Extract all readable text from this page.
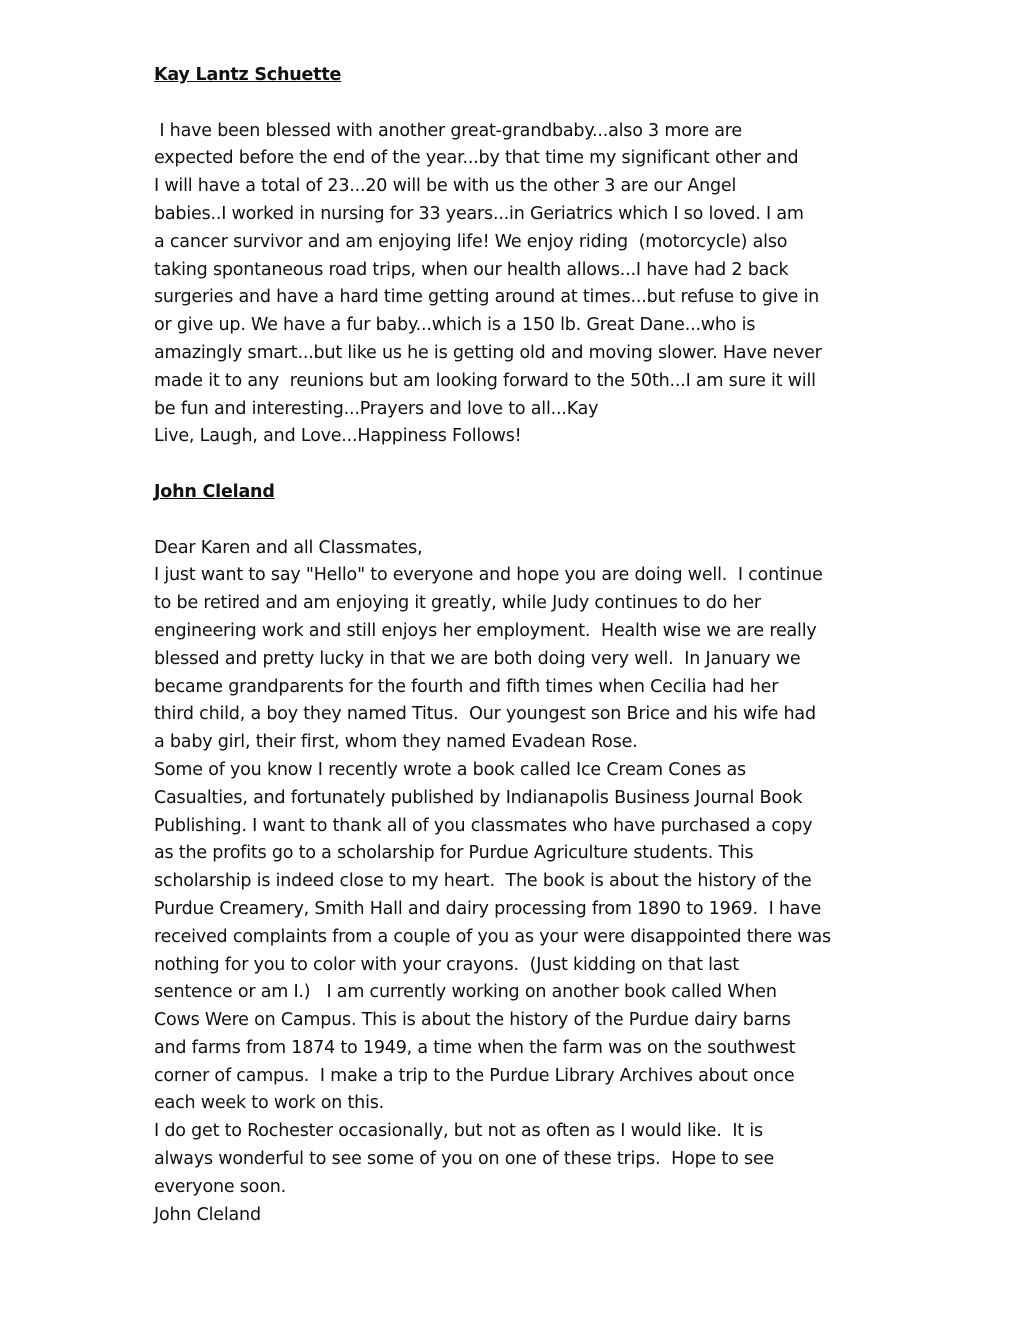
Kay Lantz Schuette

I have been blessed with another great-grandbaby...also 3 more are

expected before the end of the year...by that time my significant other and

I will have a total of 23...20 will be with us the other 3 are our Angel

babies..I worked in nursing for 33 years...in Geriatrics which I so loved. I am

a cancer survivor and am enjoying life! We enjoy riding  (motorcycle) also

taking spontaneous road trips, when our health allows...I have had 2 back

surgeries and have a hard time getting around at times...but refuse to give in

or give up. We have a fur baby...which is a 150 lb. Great Dane...who is

amazingly smart...but like us he is getting old and moving slower. Have never

made it to any  reunions but am looking forward to the 50th...I am sure it will

be fun and interesting...Prayers and love to all...Kay

Live, Laugh, and Love...Happiness Follows!

John Cleland

Dear Karen and all Classmates,

I just want to say "Hello" to everyone and hope you are doing well.  I continue

to be retired and am enjoying it greatly, while Judy continues to do her

engineering work and still enjoys her employment.  Health wise we are really

blessed and pretty lucky in that we are both doing very well.  In January we

became grandparents for the fourth and fifth times when Cecilia had her

third child, a boy they named Titus.  Our youngest son Brice and his wife had

a baby girl, their first, whom they named Evadean Rose.

Some of you know I recently wrote a book called Ice Cream Cones as

Casualties, and fortunately published by Indianapolis Business Journal Book

Publishing. I want to thank all of you classmates who have purchased a copy

as the profits go to a scholarship for Purdue Agriculture students. This

scholarship is indeed close to my heart.  The book is about the history of the

Purdue Creamery, Smith Hall and dairy processing from 1890 to 1969.  I have

received complaints from a couple of you as your were disappointed there was

nothing for you to color with your crayons.  (Just kidding on that last

sentence or am I.)   I am currently working on another book called When

Cows Were on Campus. This is about the history of the Purdue dairy barns

and farms from 1874 to 1949, a time when the farm was on the southwest

corner of campus.  I make a trip to the Purdue Library Archives about once

each week to work on this.

I do get to Rochester occasionally, but not as often as I would like.  It is

always wonderful to see some of you on one of these trips.  Hope to see

everyone soon.

John Cleland
